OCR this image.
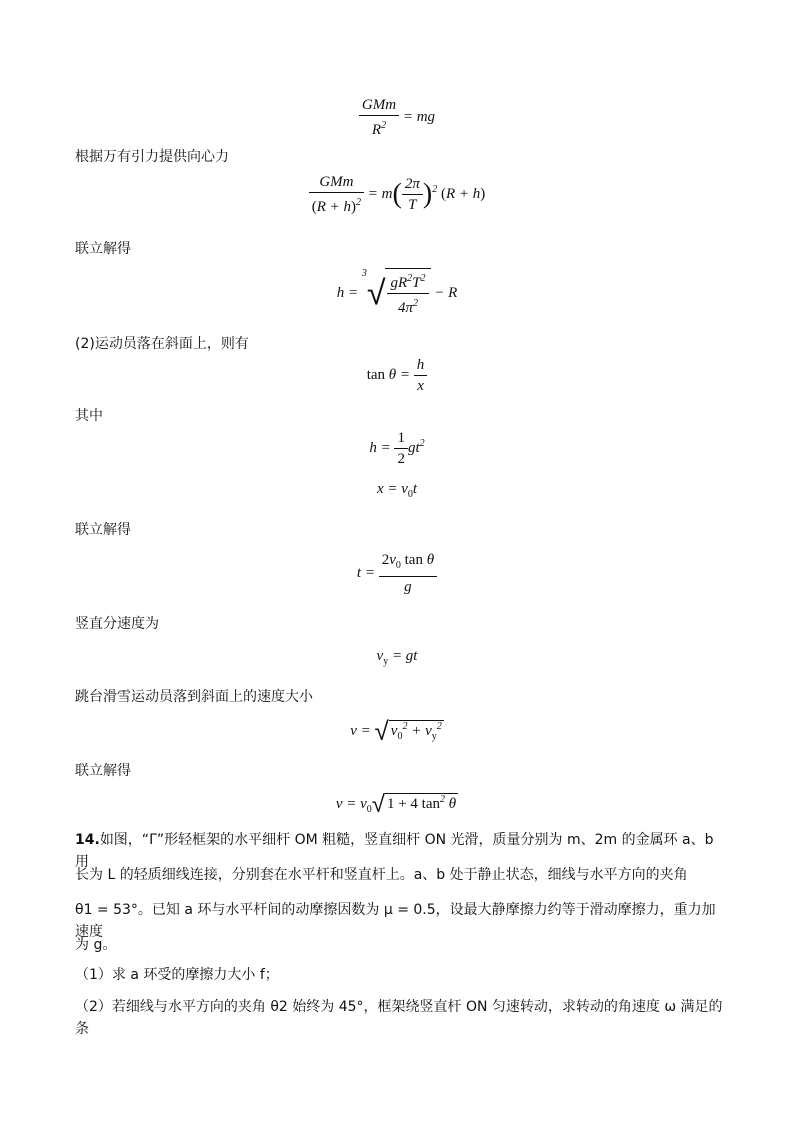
$\frac{\text{GMm}}{R^2}$ = mg
根据万有引力提供向心力
$\frac{\text{GMm}}{(R + h)^2} = m( \frac{2\pi}{T} )^2$ (R + h)
联立解得
$h = ^3√ \frac{gR^2T^2}{4\pi^2} - R$
(2)运动员落在斜面上，则有
$\tan \theta = \frac{h}{x}$
其中
$h = \frac{1}{2} gt^2$
$x = v_0t$
联立解得
$t = \frac{2v_0 \tan \theta}{g}$
竖直分速度为
$v_y$ = gt
跳台滑雪运动员落到斜面上的速度大小
v = √ $v_0^2 + v_y^2$
联立解得
$v = v_0√$ 1 + 4 $\tan^2 \theta$
14.如图，“Γ”形轻框架的水平细杆 OM 粗糙，竖直细杆 ON 光滑，质量分别为 m、2m 的金属环 a、b 用
长为 L 的轻质细线连接，分别套在水平杆和竖直杆上。a、b 处于静止状态，细线与水平方向的夹角
θ1 = 53°。已知 a 环与水平杆间的动摩擦因数为 μ = 0.5，设最大静摩擦力约等于滑动摩擦力，重力加速度
为 g。
（1）求 a 环受的摩擦力大小 f；
（2）若细线与水平方向的夹角 θ2 始终为 45°，框架绕竖直杆 ON 匀速转动，求转动的角速度 ω 满足的条
